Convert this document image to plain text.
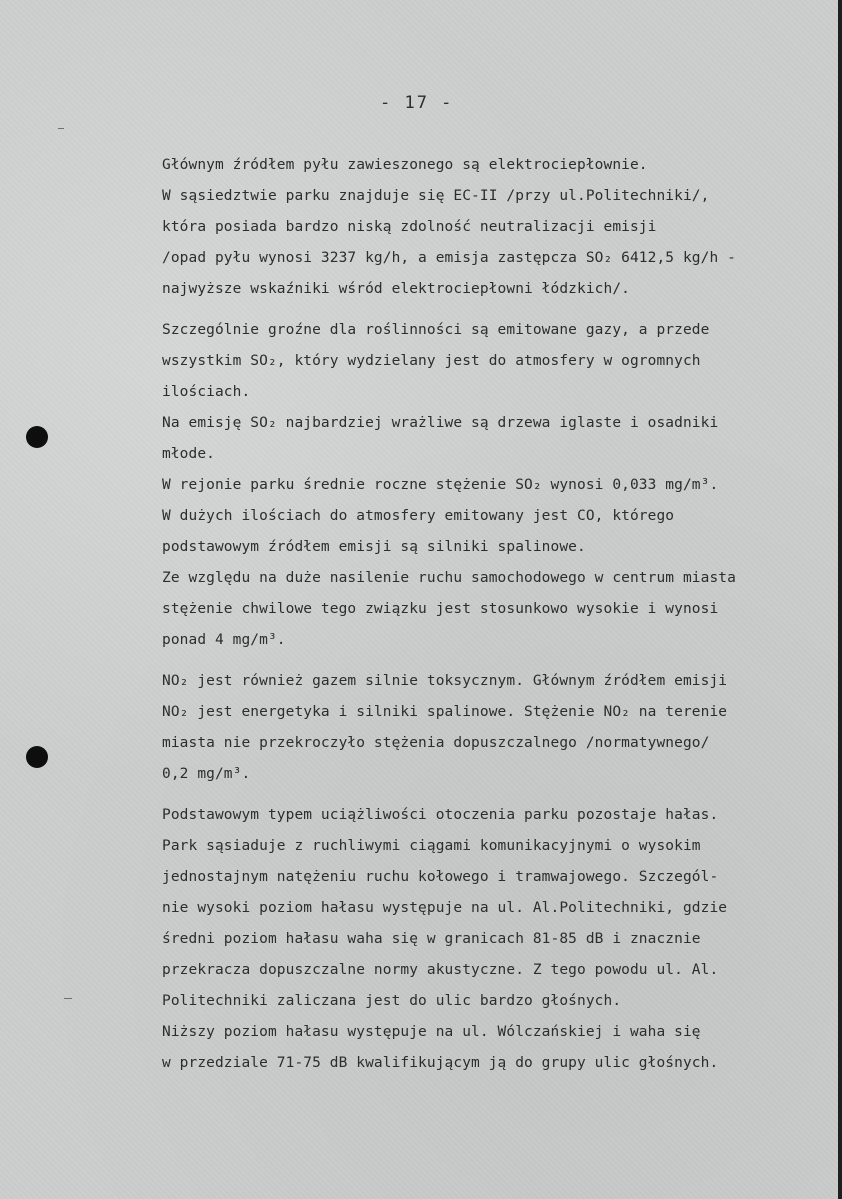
- 17 -
Głównym źródłem pyłu zawieszonego są elektrociepłownie.
W sąsiedztwie parku znajduje się EC-II /przy ul.Politechniki/,
która posiada bardzo niską zdolność neutralizacji emisji
/opad pyłu wynosi 3237 kg/h, a emisja zastępcza SO₂ 6412,5 kg/h -
najwyższe wskaźniki wśród elektrociepłowni łódzkich/.
Szczególnie groźne dla roślinności są emitowane gazy, a przede
wszystkim SO₂, który wydzielany jest do atmosfery w ogromnych
ilościach.
Na emisję SO₂ najbardziej wrażliwe są drzewa iglaste i osadniki
młode.
W rejonie parku średnie roczne stężenie SO₂ wynosi 0,033 mg/m³.
W dużych ilościach do atmosfery emitowany jest CO, którego
podstawowym źródłem emisji są silniki spalinowe.
Ze względu na duże nasilenie ruchu samochodowego w centrum miasta
stężenie chwilowe tego związku jest stosunkowo wysokie i wynosi
ponad 4 mg/m³.
NO₂ jest również gazem silnie toksycznym. Głównym źródłem emisji
NO₂ jest energetyka i silniki spalinowe. Stężenie NO₂ na terenie
miasta nie przekroczyło stężenia dopuszczalnego /normatywnego/
0,2 mg/m³.
Podstawowym typem uciążliwości otoczenia parku pozostaje hałas.
Park sąsiaduje z ruchliwymi ciągami komunikacyjnymi o wysokim
jednostajnym natężeniu ruchu kołowego i tramwajowego. Szczegól-
nie wysoki poziom hałasu występuje na ul. Al.Politechniki, gdzie
średni poziom hałasu waha się w granicach 81-85 dB i znacznie
przekracza dopuszczalne normy akustyczne. Z tego powodu ul. Al.
Politechniki zaliczana jest do ulic bardzo głośnych.
Niższy poziom hałasu występuje na ul. Wólczańskiej i waha się
w przedziale 71-75 dB kwalifikującym ją do grupy ulic głośnych.
